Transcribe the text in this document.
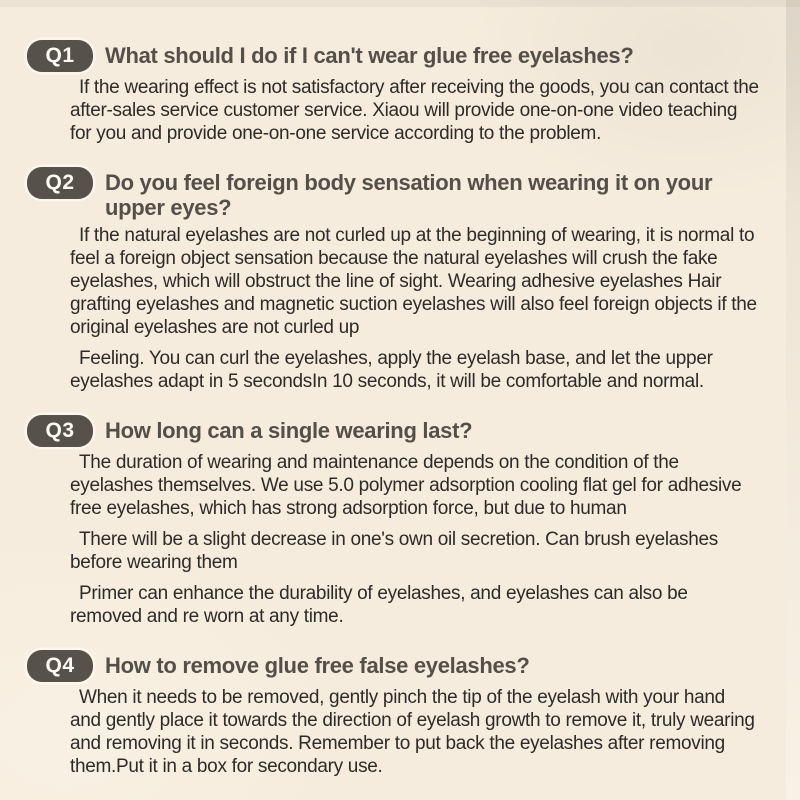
Q1	What should I do if I can't wear glue free eyelashes?

If the wearing effect is not satisfactory after receiving the goods, you can contact the after-sales service customer service. Xiaou will provide one-on-one video teaching for you and provide one-on-one service according to the problem.

Q2	Do you feel foreign body sensation when wearing it on your upper eyes?

If the natural eyelashes are not curled up at the beginning of wearing, it is normal to feel a foreign object sensation because the natural eyelashes will crush the fake eyelashes, which will obstruct the line of sight. Wearing adhesive eyelashes Hair grafting eyelashes and magnetic suction eyelashes will also feel foreign objects if the original eyelashes are not curled up

Feeling. You can curl the eyelashes, apply the eyelash base, and let the upper eyelashes adapt in 5 secondsIn 10 seconds, it will be comfortable and normal.

Q3	How long can a single wearing last?

The duration of wearing and maintenance depends on the condition of the eyelashes themselves. We use 5.0 polymer adsorption cooling flat gel for adhesive free eyelashes, which has strong adsorption force, but due to human

There will be a slight decrease in one's own oil secretion. Can brush eyelashes before wearing them

Primer can enhance the durability of eyelashes, and eyelashes can also be removed and re worn at any time.

Q4	How to remove glue free false eyelashes?

When it needs to be removed, gently pinch the tip of the eyelash with your hand and gently place it towards the direction of eyelash growth to remove it, truly wearing and removing it in seconds. Remember to put back the eyelashes after removing them.Put it in a box for secondary use.
